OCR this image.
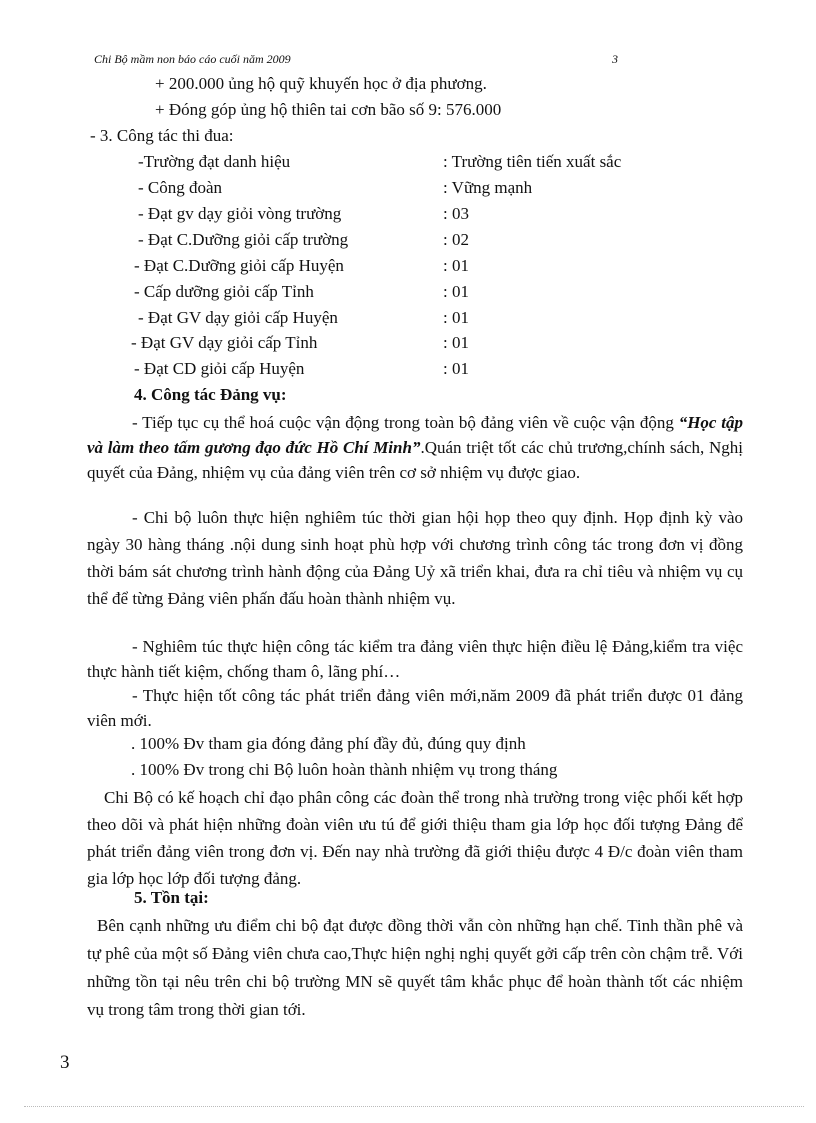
Chi Bộ mầm non báo cáo cuối năm 2009	3
+ 200.000 ủng hộ quỹ khuyến học ở địa phương.
+ Đóng góp ủng hộ thiên tai cơn bão số 9: 576.000
- 3. Công tác thi đua:
-Trường đạt danh hiệu	: Trường tiên tiến xuất sắc
- Công đoàn	: Vững mạnh
- Đạt gv dạy giỏi vòng trường	: 03
- Đạt C.Dưỡng giỏi cấp trường	: 02
- Đạt C.Dưỡng giỏi cấp Huyện	: 01
- Cấp dưỡng giỏi cấp Tỉnh	: 01
- Đạt GV dạy giỏi cấp Huyện	: 01
- Đạt GV dạy giỏi cấp Tỉnh	: 01
- Đạt CD giỏi cấp Huyện	: 01
4. Công tác Đảng vụ:
- Tiếp tục cụ thể hoá cuộc vận động trong toàn bộ đảng viên về cuộc vận động “Học tập và làm theo tấm gương đạo đức Hồ Chí Minh”.Quán triệt tốt các chủ trương,chính sách, Nghị quyết của Đảng, nhiệm vụ của đảng viên trên cơ sở nhiệm vụ được giao.
- Chi bộ luôn thực hiện nghiêm túc thời gian hội họp theo quy định. Họp định kỳ vào ngày 30 hàng tháng .nội dung sinh hoạt phù hợp với chương trình công tác trong đơn vị đồng thời bám sát chương trình hành động của Đảng Uỷ xã triển khai, đưa ra chỉ tiêu và nhiệm vụ cụ thể để từng Đảng viên phấn đấu hoàn thành nhiệm vụ.
- Nghiêm túc thực hiện công tác kiểm tra đảng viên thực hiện điều lệ Đảng,kiểm tra việc thực hành tiết kiệm, chống tham ô, lãng phí…
- Thực hiện tốt công tác phát triển đảng viên mới,năm 2009 đã phát triển được 01 đảng viên mới.
. 100% Đv tham gia đóng đảng phí đầy đủ, đúng quy định
. 100% Đv trong chi Bộ luôn hoàn thành nhiệm vụ trong tháng
Chi Bộ có kế hoạch chỉ đạo phân công các đoàn thể trong nhà trường trong việc phối kết hợp theo dõi và phát hiện những đoàn viên ưu tú để giới thiệu tham gia lớp học đối tượng Đảng để phát triển đảng viên trong đơn vị. Đến nay nhà trường đã giới thiệu được 4 Đ/c đoàn viên tham gia lớp học lớp đối tượng đảng.
5. Tồn tại:
Bên cạnh những ưu điểm chi bộ đạt được đồng thời vẫn còn những hạn chế. Tinh thần phê và tự phê của một số Đảng viên chưa cao,Thực hiện nghị nghị quyết gởi cấp trên còn chậm trễ. Với những tồn tại nêu trên chi bộ trường MN sẽ quyết tâm khắc phục để hoàn thành tốt các nhiệm vụ trong tâm trong thời gian tới.
3
